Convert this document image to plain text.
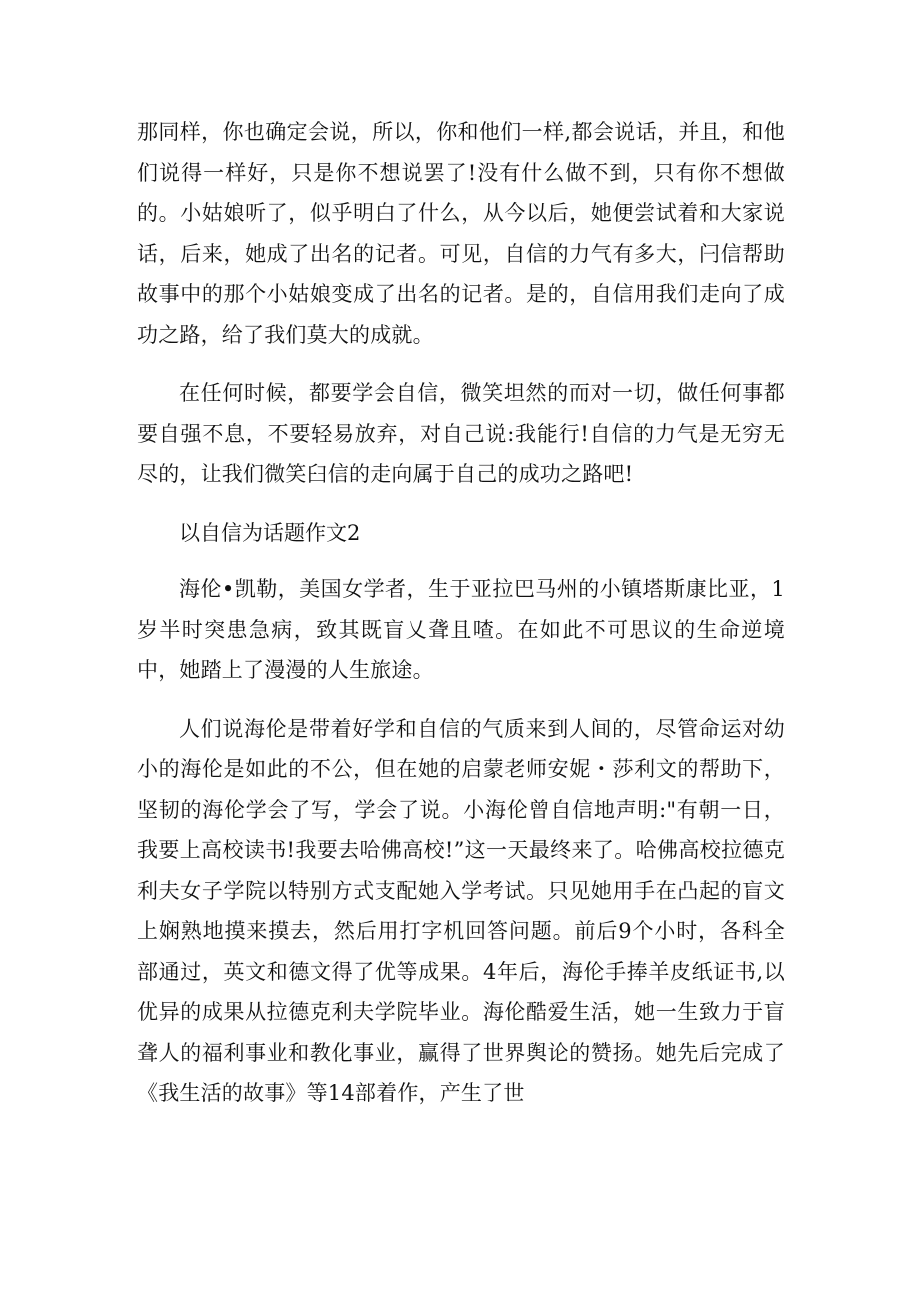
那同样，你也确定会说，所以，你和他们一样,都会说话，并且，和他们说得一样好，只是你不想说罢了!没有什么做不到，只有你不想做的。小姑娘听了，似乎明白了什么，从今以后，她便尝试着和大家说话，后来，她成了出名的记者。可见，自信的力气有多大，闩信帮助故事中的那个小姑娘变成了出名的记者。是的，自信用我们走向了成功之路，给了我们莫大的成就。

在任何时候，都要学会自信，微笑坦然的而对一切，做任何事都要自强不息，不要轻易放弃，对自己说:我能行!自信的力气是无穷无尽的，让我们微笑臼信的走向属于自己的成功之路吧!

以自信为话题作文2

海伦•凯勒，美国女学者，生于亚拉巴马州的小镇塔斯康比亚，1岁半时突患急病，致其既盲乂聋且喳。在如此不可思议的生命逆境中，她踏上了漫漫的人生旅途。

人们说海伦是带着好学和自信的气质来到人间的，尽管命运对幼小的海伦是如此的不公，但在她的启蒙老师安妮・莎利文的帮助下，坚韧的海伦学会了写，学会了说。小海伦曾自信地声明:"有朝一日，我要上高校读书!我要去哈佛高校!”这一天最终来了。哈佛高校拉德克利夫女子学院以特别方式支配她入学考试。只见她用手在凸起的盲文上娴熟地摸来摸去，然后用打字机回答问题。前后9个小时，各科全部通过，英文和德文得了优等成果。4年后，海伦手捧羊皮纸证书,以优异的成果从拉德克利夫学院毕业。海伦酷爱生活，她一生致力于盲聋人的福利事业和教化事业，赢得了世界舆论的赞扬。她先后完成了《我生活的故事》等14部着作，产生了世
